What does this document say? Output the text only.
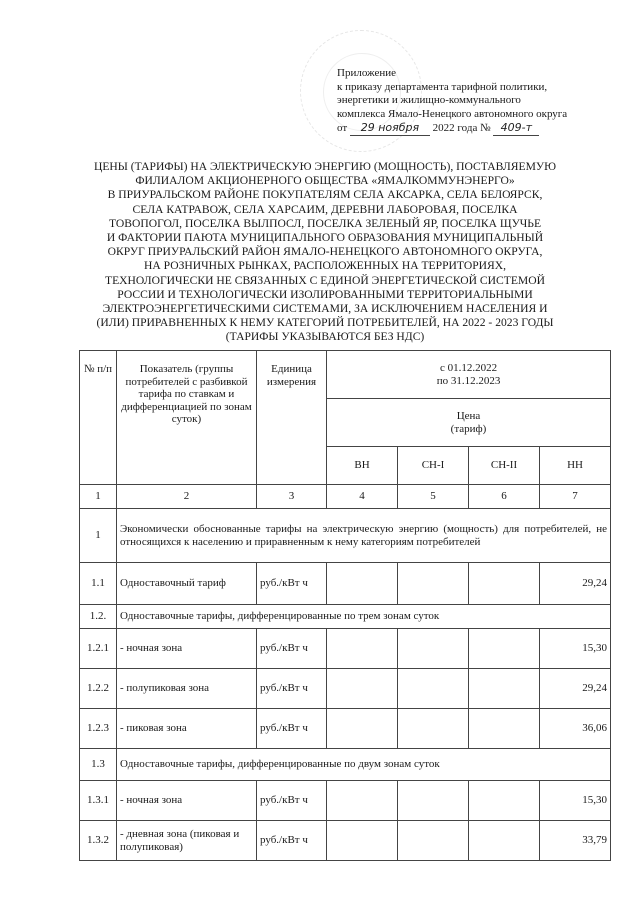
Приложение
к приказу департамента тарифной политики,
энергетики и жилищно-коммунального
комплекса Ямало-Ненецкого автономного округа
от 29 ноября 2022 года № 409-т
ЦЕНЫ (ТАРИФЫ) НА ЭЛЕКТРИЧЕСКУЮ ЭНЕРГИЮ (МОЩНОСТЬ), ПОСТАВЛЯЕМУЮ
ФИЛИАЛОМ АКЦИОНЕРНОГО ОБЩЕСТВА «ЯМАЛКОММУНЭНЕРГО»
В ПРИУРАЛЬСКОМ РАЙОНЕ ПОКУПАТЕЛЯМ СЕЛА АКСАРКА, СЕЛА БЕЛОЯРСК,
СЕЛА КАТРАВОЖ, СЕЛА ХАРСАИМ, ДЕРЕВНИ ЛАБОРОВАЯ, ПОСЕЛКА
ТОВОПОГОЛ, ПОСЕЛКА ВЫЛПОСЛ, ПОСЕЛКА ЗЕЛЕНЫЙ ЯР, ПОСЕЛКА ЩУЧЬЕ
И ФАКТОРИИ ПАЮТА МУНИЦИПАЛЬНОГО ОБРАЗОВАНИЯ МУНИЦИПАЛЬНЫЙ
ОКРУГ ПРИУРАЛЬСКИЙ РАЙОН ЯМАЛО-НЕНЕЦКОГО АВТОНОМНОГО ОКРУГА,
НА РОЗНИЧНЫХ РЫНКАХ, РАСПОЛОЖЕННЫХ НА ТЕРРИТОРИЯХ,
ТЕХНОЛОГИЧЕСКИ НЕ СВЯЗАННЫХ С ЕДИНОЙ ЭНЕРГЕТИЧЕСКОЙ СИСТЕМОЙ
РОССИИ И ТЕХНОЛОГИЧЕСКИ ИЗОЛИРОВАННЫМИ ТЕРРИТОРИАЛЬНЫМИ
ЭЛЕКТРОЭНЕРГЕТИЧЕСКИМИ СИСТЕМАМИ, ЗА ИСКЛЮЧЕНИЕМ НАСЕЛЕНИЯ И
(ИЛИ) ПРИРАВНЕННЫХ К НЕМУ КАТЕГОРИЙ ПОТРЕБИТЕЛЕЙ, НА 2022 - 2023 ГОДЫ
(ТАРИФЫ УКАЗЫВАЮТСЯ БЕЗ НДС)
№ п/п	Показатель (группы потребителей с разбивкой тарифа по ставкам и дифференциацией по зонам суток)	Единица измерения	с 01.12.2022
по 31.12.2023			

			Цена
(тариф)			

			ВН	СН-I	СН-II	НН
1	2	3	4	5	6	7
1	Экономически обоснованные тарифы на электрическую энергию (мощность) для потребителей, не относящихся к населению и приравненным к нему категориям потребителей					
1.1	Одноставочный тариф	руб./кВт ч				29,24
1.2.	Одноставочные тарифы, дифференцированные по трем зонам суток					
1.2.1	- ночная зона	руб./кВт ч				15,30
1.2.2	- полупиковая зона	руб./кВт ч				29,24
1.2.3	- пиковая зона	руб./кВт ч				36,06
1.3	Одноставочные тарифы, дифференцированные по двум зонам суток					
1.3.1	- ночная зона	руб./кВт ч				15,30
1.3.2	- дневная зона (пиковая и полупиковая)	руб./кВт ч				33,79
